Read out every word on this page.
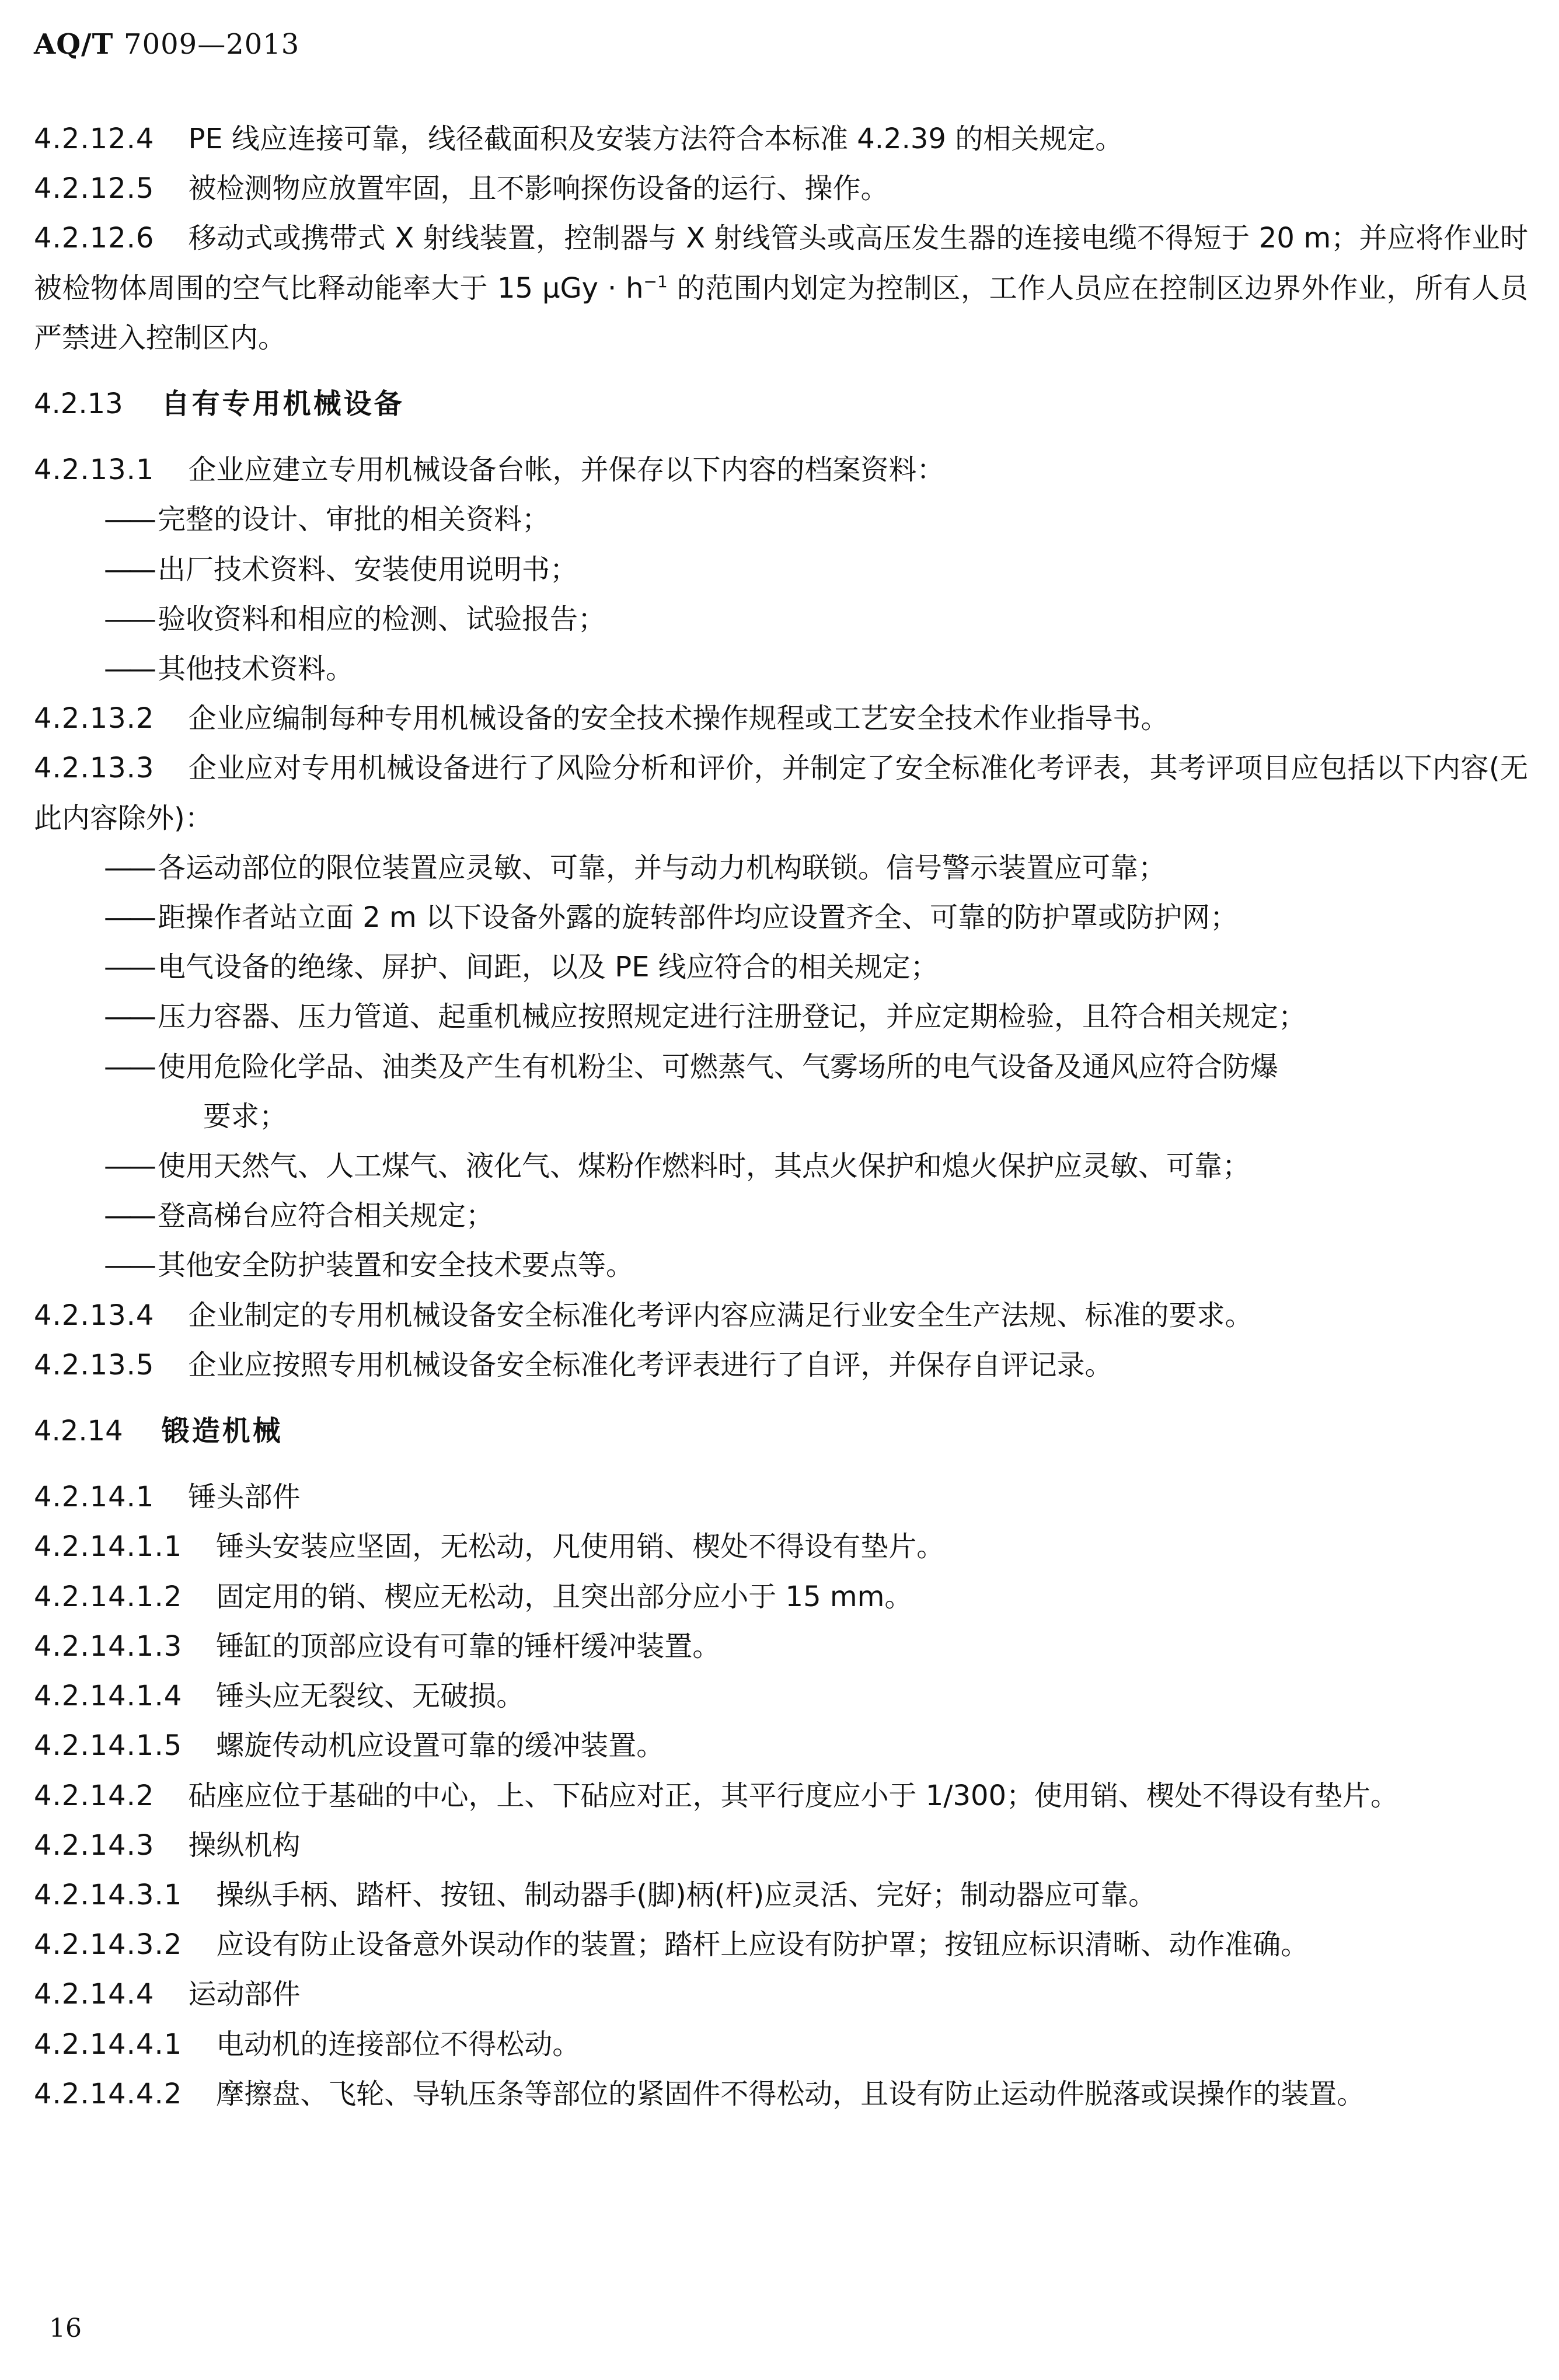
AQ/T 7009—2013

4.2.12.4 PE 线应连接可靠，线径截面积及安装方法符合本标准 4.2.39 的相关规定。

4.2.12.5 被检测物应放置牢固，且不影响探伤设备的运行、操作。

4.2.12.6 移动式或携带式 X 射线装置，控制器与 X 射线管头或高压发生器的连接电缆不得短于 20 m；并应将作业时被检物体周围的空气比释动能率大于 15 $\mu Gy \cdot h^{-1}$ 的范围内划定为控制区，工作人员应在控制区边界外作业，所有人员严禁进入控制区内。

4.2.13 自有专用机械设备

4.2.13.1 企业应建立专用机械设备台帐，并保存以下内容的档案资料：

—— 完整的设计、审批的相关资料；

—— 出厂技术资料、安装使用说明书；

—— 验收资料和相应的检测、试验报告；

—— 其他技术资料。

4.2.13.2 企业应编制每种专用机械设备的安全技术操作规程或工艺安全技术作业指导书。

4.2.13.3 企业应对专用机械设备进行了风险分析和评价，并制定了安全标准化考评表，其考评项目应包括以下内容(无此内容除外)：

—— 各运动部位的限位装置应灵敏、可靠，并与动力机构联锁。信号警示装置应可靠；

—— 距操作者站立面 2 m 以下设备外露的旋转部件均应设置齐全、可靠的防护罩或防护网；

—— 电气设备的绝缘、屏护、间距，以及 PE 线应符合的相关规定；

—— 压力容器、压力管道、起重机械应按照规定进行注册登记，并应定期检验，且符合相关规定；

—— 使用危险化学品、油类及产生有机粉尘、可燃蒸气、气雾场所的电气设备及通风应符合防爆

要求；

—— 使用天然气、人工煤气、液化气、煤粉作燃料时，其点火保护和熄火保护应灵敏、可靠；

—— 登高梯台应符合相关规定；

—— 其他安全防护装置和安全技术要点等。

4.2.13.4 企业制定的专用机械设备安全标准化考评内容应满足行业安全生产法规、标准的要求。

4.2.13.5 企业应按照专用机械设备安全标准化考评表进行了自评，并保存自评记录。

4.2.14 锻造机械

4.2.14.1 锤头部件

4.2.14.1.1 锤头安装应坚固，无松动，凡使用销、楔处不得设有垫片。

4.2.14.1.2 固定用的销、楔应无松动，且突出部分应小于 15 mm。

4.2.14.1.3 锤缸的顶部应设有可靠的锤杆缓冲装置。

4.2.14.1.4 锤头应无裂纹、无破损。

4.2.14.1.5 螺旋传动机应设置可靠的缓冲装置。

4.2.14.2 砧座应位于基础的中心，上、下砧应对正，其平行度应小于 1/300；使用销、楔处不得设有垫片。

4.2.14.3 操纵机构

4.2.14.3.1 操纵手柄、踏杆、按钮、制动器手(脚)柄(杆)应灵活、完好；制动器应可靠。

4.2.14.3.2 应设有防止设备意外误动作的装置；踏杆上应设有防护罩；按钮应标识清晰、动作准确。

4.2.14.4 运动部件

4.2.14.4.1 电动机的连接部位不得松动。

4.2.14.4.2 摩擦盘、飞轮、导轨压条等部位的紧固件不得松动，且设有防止运动件脱落或误操作的装置。

16
